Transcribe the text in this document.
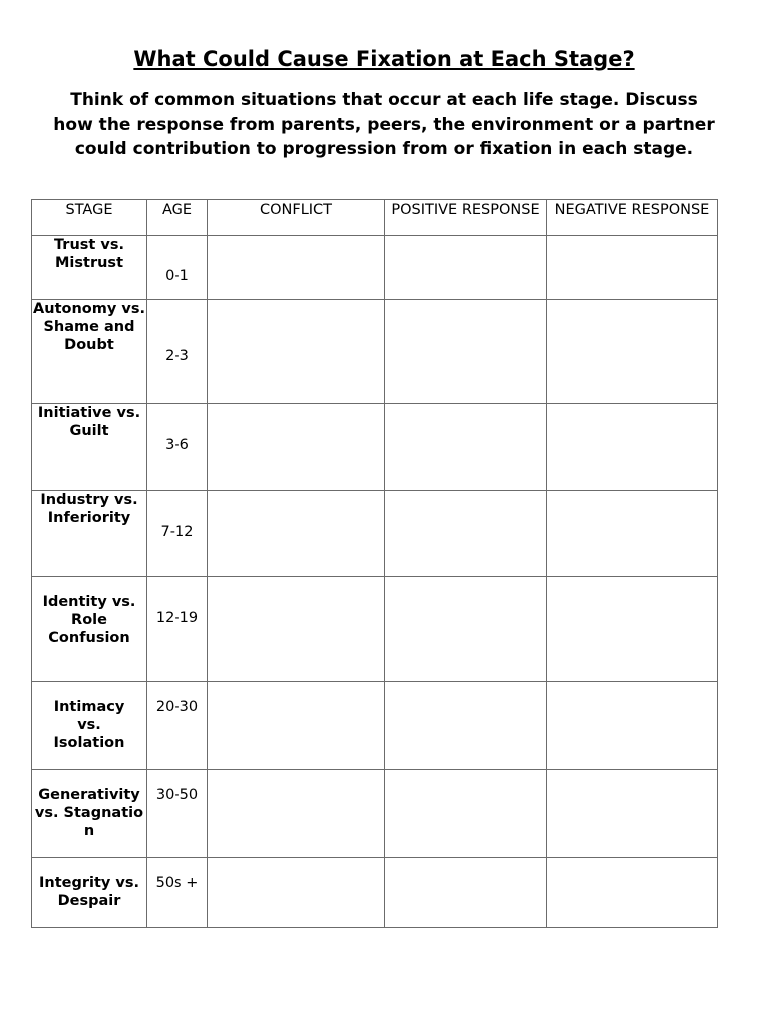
What Could Cause Fixation at Each Stage?

Think of common situations that occur at each life stage. Discuss how the response from parents, peers, the environment or a partner could contribution to progression from or fixation in each stage.

STAGE	AGE	CONFLICT	POSITIVE RESPONSE	NEGATIVE RESPONSE

Trust vs. Mistrust	0-1			

Autonomy vs. Shame and Doubt	2-3			

Initiative vs. Guilt	3-6			

Industry vs. Inferiority	7-12			

Identity vs. Role Confusion	12-19			

Intimacy vs. Isolation	20-30			

Generativity vs. Stagnation	30-50			

Integrity vs. Despair	50s +			
